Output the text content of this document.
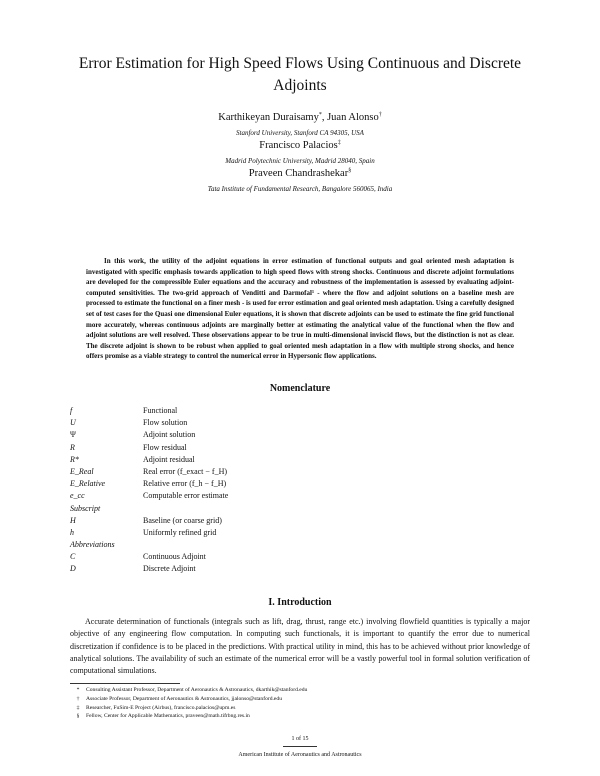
Error Estimation for High Speed Flows Using Continuous and Discrete Adjoints
Karthikeyan Duraisamy*, Juan Alonso†
Stanford University, Stanford CA 94305, USA
Francisco Palacios‡
Madrid Polytechnic University, Madrid 28040, Spain
Praveen Chandrashekar§
Tata Institute of Fundamental Research, Bangalore 560065, India

In this work, the utility of the adjoint equations in error estimation of functional outputs and goal oriented mesh adaptation is investigated with specific emphasis towards application to high speed flows with strong shocks. Continuous and discrete adjoint formulations are developed for the compressible Euler equations and the accuracy and robustness of the implementation is assessed by evaluating adjoint-computed sensitivities. The two-grid approach of Venditti and Darmofal¹ - where the flow and adjoint solutions on a baseline mesh are processed to estimate the functional on a finer mesh - is used for error estimation and goal oriented mesh adaptation. Using a carefully designed set of test cases for the Quasi one dimensional Euler equations, it is shown that discrete adjoints can be used to estimate the fine grid functional more accurately, whereas continuous adjoints are marginally better at estimating the analytical value of the functional when the flow and adjoint solutions are well resolved. These observations appear to be true in multi-dimensional inviscid flows, but the distinction is not as clear. The discrete adjoint is shown to be robust when applied to goal oriented mesh adaptation in a flow with multiple strong shocks, and hence offers promise as a viable strategy to control the numerical error in Hypersonic flow applications.

Nomenclature
f	Functional
U	Flow solution
Ψ	Adjoint solution
R	Flow residual
R*	Adjoint residual
E_Real	Real error (f_exact − f_H)
E_Relative	Relative error (f_h − f_H)
e_cc	Computable error estimate
Subscript
H	Baseline (or coarse grid)
h	Uniformly refined grid
Abbreviations
C	Continuous Adjoint
D	Discrete Adjoint
I. Introduction

Accurate determination of functionals (integrals such as lift, drag, thrust, range etc.) involving flowfield quantities is typically a major objective of any engineering flow computation. In computing such functionals, it is important to quantify the error due to numerical discretization if confidence is to be placed in the predictions. With practical utility in mind, this has to be achieved without prior knowledge of analytical solutions. The availability of such an estimate of the numerical error will be a vastly powerful tool in formal solution verification of computational simulations.

*	Consulting Assistant Professor, Department of Aeronautics & Astronautics, dkarthik@stanford.edu
†	Associate Professor, Department of Aeronautics & Astronautics, jjalonso@stanford.edu
‡	Researcher, FuSim-E Project (Airbus), francisco.palacios@upm.es
§	Fellow, Center for Applicable Mathematics, praveen@math.tifrbng.res.in
1 of 15
American Institute of Aeronautics and Astronautics
